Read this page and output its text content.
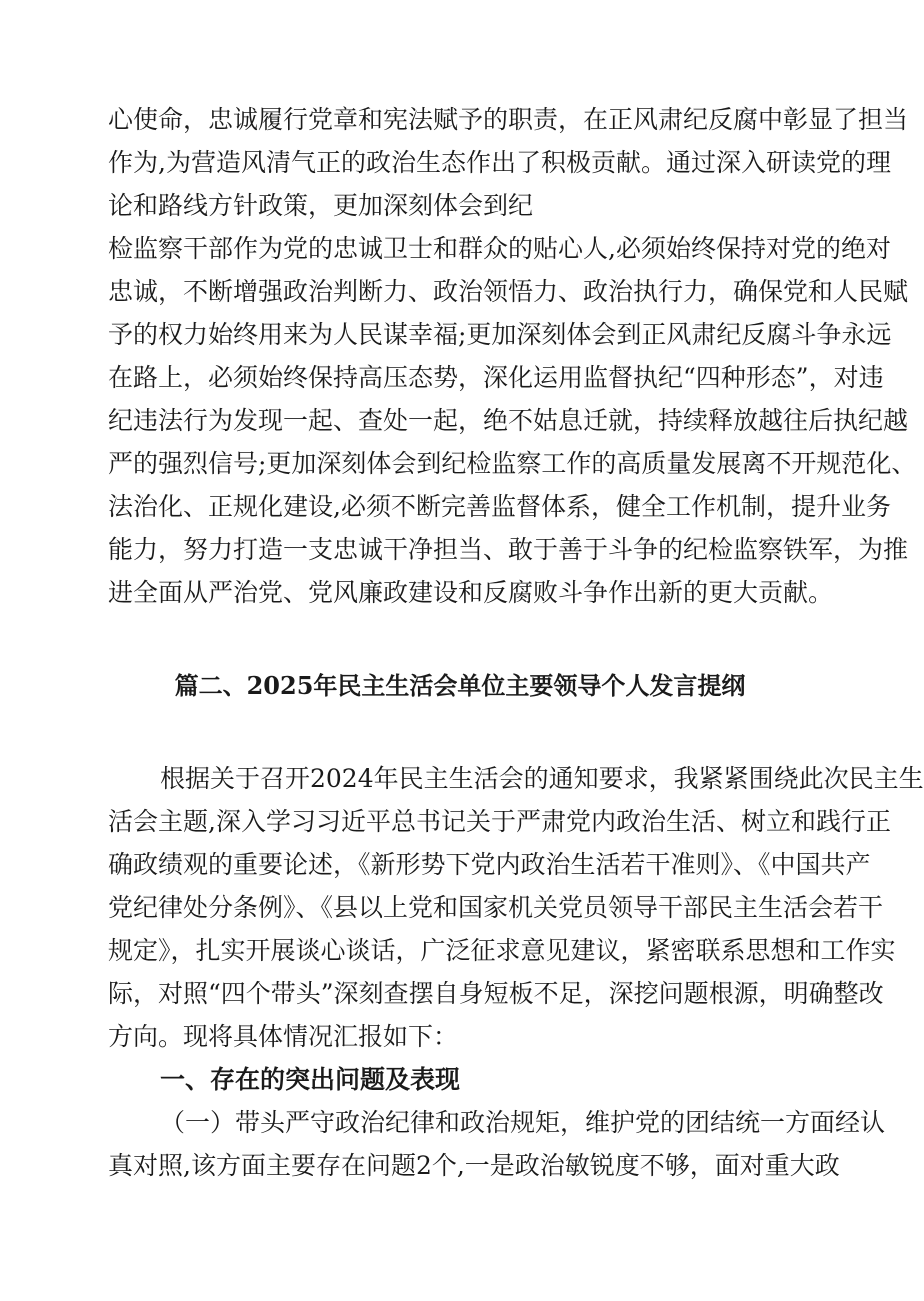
心使命，忠诚履行党章和宪法赋予的职责，在正风肃纪反腐中彰显了担当
作为,为营造风清气正的政治生态作出了积极贡献。通过深入研读党的理
论和路线方针政策，更加深刻体会到纪
检监察干部作为党的忠诚卫士和群众的贴心人,必须始终保持对党的绝对
忠诚，不断增强政治判断力、政治领悟力、政治执行力，确保党和人民赋
予的权力始终用来为人民谋幸福;更加深刻体会到正风肃纪反腐斗争永远
在路上，必须始终保持高压态势，深化运用监督执纪“四种形态”，对违
纪违法行为发现一起、查处一起，绝不姑息迁就，持续释放越往后执纪越
严的强烈信号;更加深刻体会到纪检监察工作的高质量发展离不开规范化、
法治化、正规化建设,必须不断完善监督体系，健全工作机制，提升业务
能力，努力打造一支忠诚干净担当、敢于善于斗争的纪检监察铁军，为推
进全面从严治党、党风廉政建设和反腐败斗争作出新的更大贡献。
篇二、2025年民主生活会单位主要领导个人发言提纲
根据关于召开2024年民主生活会的通知要求，我紧紧围绕此次民主生
活会主题,深入学习习近平总书记关于严肃党内政治生活、树立和践行正
确政绩观的重要论述，《新形势下党内政治生活若干准则》、《中国共产
党纪律处分条例》、《县以上党和国家机关党员领导干部民主生活会若干
规定》，扎实开展谈心谈话，广泛征求意见建议，紧密联系思想和工作实
际，对照“四个带头”深刻查摆自身短板不足，深挖问题根源，明确整改
方向。现将具体情况汇报如下：
一、存在的突出问题及表现
（一）带头严守政治纪律和政治规矩，维护党的团结统一方面经认
真对照,该方面主要存在问题2个,一是政治敏锐度不够，面对重大政
